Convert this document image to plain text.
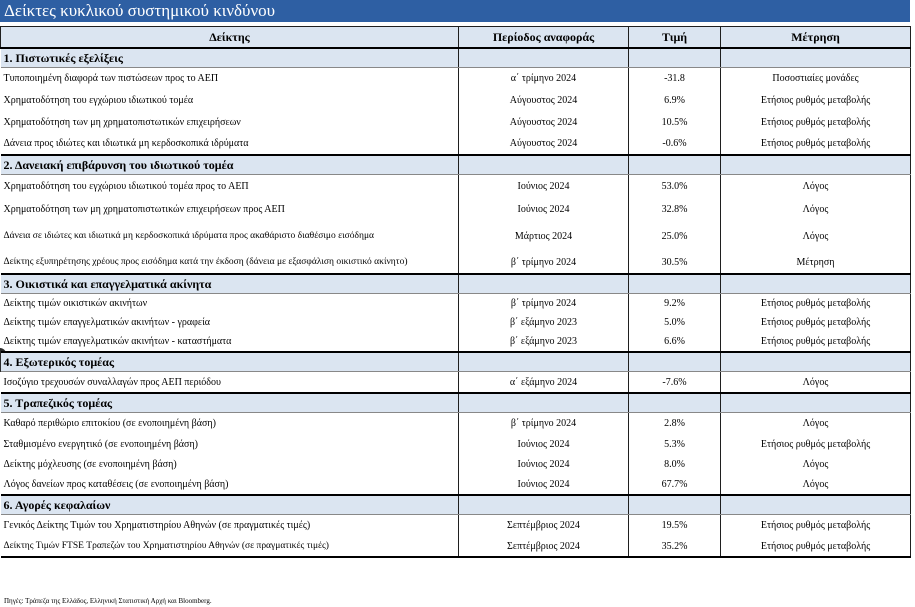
Δείκτες κυκλικού συστημικού κινδύνου
Δείκτης	Περίοδος αναφοράς	Τιμή	Μέτρηση
1. Πιστωτικές εξελίξεις			
Τυποποιημένη διαφορά των πιστώσεων προς το ΑΕΠ	α΄ τρίμηνο 2024	-31.8	Ποσοστιαίες μονάδες
Χρηματοδότηση του εγχώριου ιδιωτικού τομέα	Αύγουστος 2024	6.9%	Ετήσιος ρυθμός μεταβολής
Χρηματοδότηση των μη χρηματοπιστωτικών επιχειρήσεων	Αύγουστος 2024	10.5%	Ετήσιος ρυθμός μεταβολής
Δάνεια προς ιδιώτες και ιδιωτικά μη κερδοσκοπικά ιδρύματα	Αύγουστος 2024	-0.6%	Ετήσιος ρυθμός μεταβολής
2. Δανειακή επιβάρυνση του ιδιωτικού τομέα			
Χρηματοδότηση του εγχώριου ιδιωτικού τομέα προς το ΑΕΠ	Ιούνιος 2024	53.0%	Λόγος
Χρηματοδότηση των μη χρηματοπιστωτικών επιχειρήσεων προς ΑΕΠ	Ιούνιος 2024	32.8%	Λόγος
Δάνεια σε ιδιώτες και ιδιωτικά μη κερδοσκοπικά ιδρύματα προς ακαθάριστο διαθέσιμο εισόδημα	Μάρτιος 2024	25.0%	Λόγος
Δείκτης εξυπηρέτησης χρέους προς εισόδημα κατά την έκδοση (δάνεια με εξασφάλιση οικιστικό ακίνητο)	β΄ τρίμηνο 2024	30.5%	Μέτρηση
3. Οικιστικά και επαγγελματικά ακίνητα			
Δείκτης τιμών οικιστικών ακινήτων	β΄ τρίμηνο 2024	9.2%	Ετήσιος ρυθμός μεταβολής
Δείκτης τιμών επαγγελματικών ακινήτων - γραφεία	β΄ εξάμηνο 2023	5.0%	Ετήσιος ρυθμός μεταβολής
Δείκτης τιμών επαγγελματικών ακινήτων - καταστήματα	β΄ εξάμηνο 2023	6.6%	Ετήσιος ρυθμός μεταβολής
4. Εξωτερικός τομέας			
Ισοζύγιο τρεχουσών συναλλαγών προς ΑΕΠ περιόδου	α΄ εξάμηνο 2024	-7.6%	Λόγος
5. Τραπεζικός τομέας			
Καθαρό περιθώριο επιτοκίου (σε ενοποιημένη βάση)	β΄ τρίμηνο 2024	2.8%	Λόγος
Σταθμισμένο ενεργητικό (σε ενοποιημένη βάση)	Ιούνιος 2024	5.3%	Ετήσιος ρυθμός μεταβολής
Δείκτης μόχλευσης (σε ενοποιημένη βάση)	Ιούνιος 2024	8.0%	Λόγος
Λόγος δανείων προς καταθέσεις (σε ενοποιημένη βάση)	Ιούνιος 2024	67.7%	Λόγος
6. Αγορές κεφαλαίων			
Γενικός Δείκτης Τιμών του Χρηματιστηρίου Αθηνών (σε πραγματικές τιμές)	Σεπτέμβριος 2024	19.5%	Ετήσιος ρυθμός μεταβολής
Δείκτης Τιμών FTSE Τραπεζών του Χρηματιστηρίου Αθηνών (σε πραγματικές τιμές)	Σεπτέμβριος 2024	35.2%	Ετήσιος ρυθμός μεταβολής
Πηγές: Τράπεζα της Ελλάδος, Ελληνική Στατιστική Αρχή και Bloomberg.
